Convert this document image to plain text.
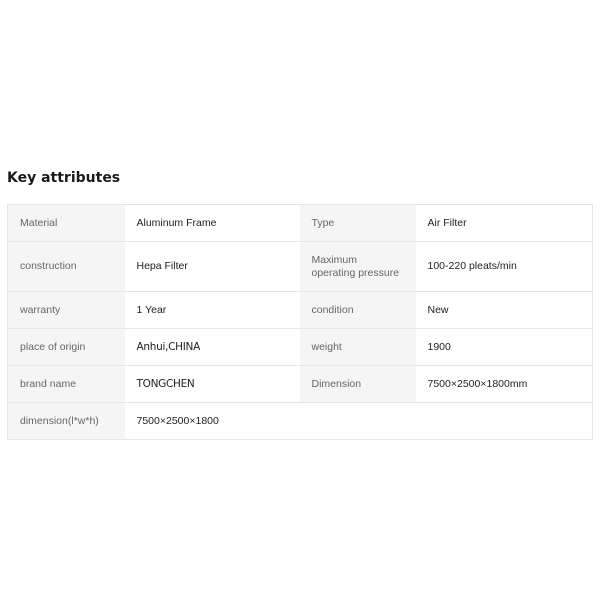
Key attributes
Material	Aluminum Frame	Type	Air Filter
construction	Hepa Filter	Maximum operating pressure	100-220 pleats/min
warranty	1 Year	condition	New
place of origin	Anhui,CHINA	weight	1900
brand name	TONGCHEN	Dimension	7500×2500×1800mm
dimension(l*w*h)	7500×2500×1800		
